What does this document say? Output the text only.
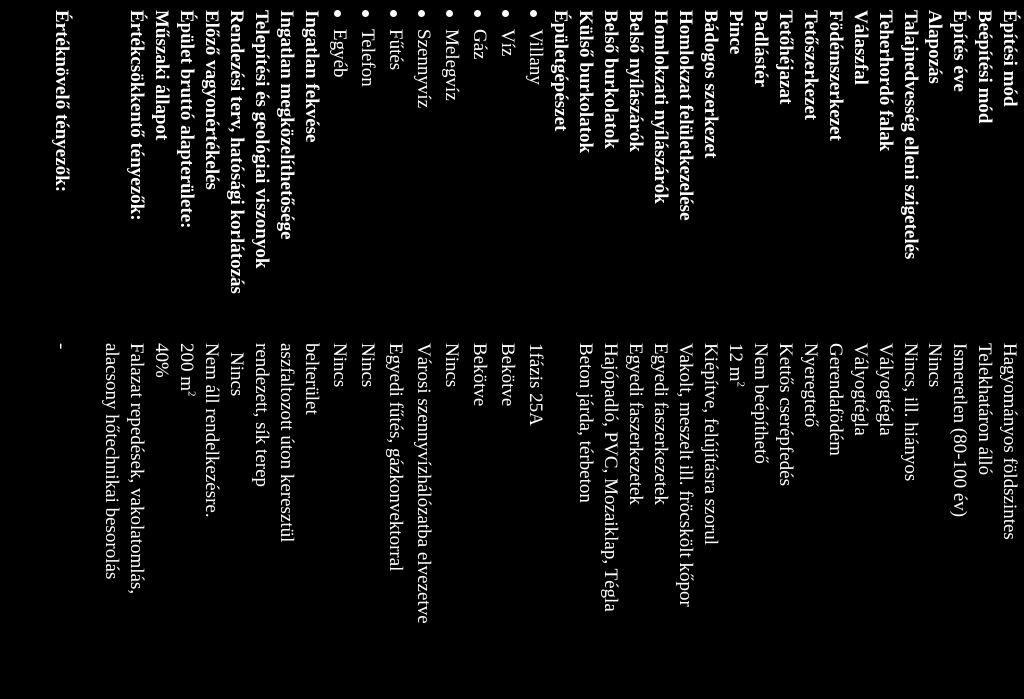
Építési mód
Hagyományos földszintes
Beépítési mód
Telekhatáron álló
Építés éve
Ismeretlen (80-100 év)
Alapozás
Nincs
Talajnedvesség elleni szigetelés
Nincs, ill. hiányos
Teherhordó falak
Vályogtégla
Válaszfal
Vályogtégla
Födémszerkezet
Gerendafödém
Tetőszerkezet
Nyeregtető
Tetőhéjazat
Kettős cserépfedés
Padlástér
Nem beépíthető
Pince
12 $m^2$
Bádogos szerkezet
Kiépítve, felújításra szorul
Homlokzat felületkezelése
Vakolt, meszelt ill. fröcskölt kőpor
Homlokzati nyílászárók
Egyedi faszerkezetek
Belső nyílászárók
Egyedi faszerkezetek
Belső burkolatok
Hajópadló, PVC, Mozaiklap, Tégla
Külső burkolatok
Beton járda, térbeton
Épületgépészet
Villany
1fázis 25A
Víz
Bekötve
Gáz
Bekötve
Melegvíz
Nincs
Szennyvíz
Városi szennyvízhálózatba elvezetve
Fűtés
Egyedi fűtés, gázkonvektorral
Telefon
Nincs
Egyéb
Nincs
Ingatlan fekvése
belterület
Ingatlan megközelíthetősége
aszfaltozott úton keresztül
Telepítési és geológiai viszonyok
rendezett, sík terep
Rendezési terv, hatósági korlátozás
Nincs
Előző vagyonértékelés
Nem áll rendelkezésre.
Épület bruttó alapterülete:
200 $m^2$
Műszaki állapot
40%
Értékcsökkentő tényezők:
Falazat repedések, vakolatomlás,
alacsony hőtechnikai besorolás
Értéknövelő tényezők:
-
